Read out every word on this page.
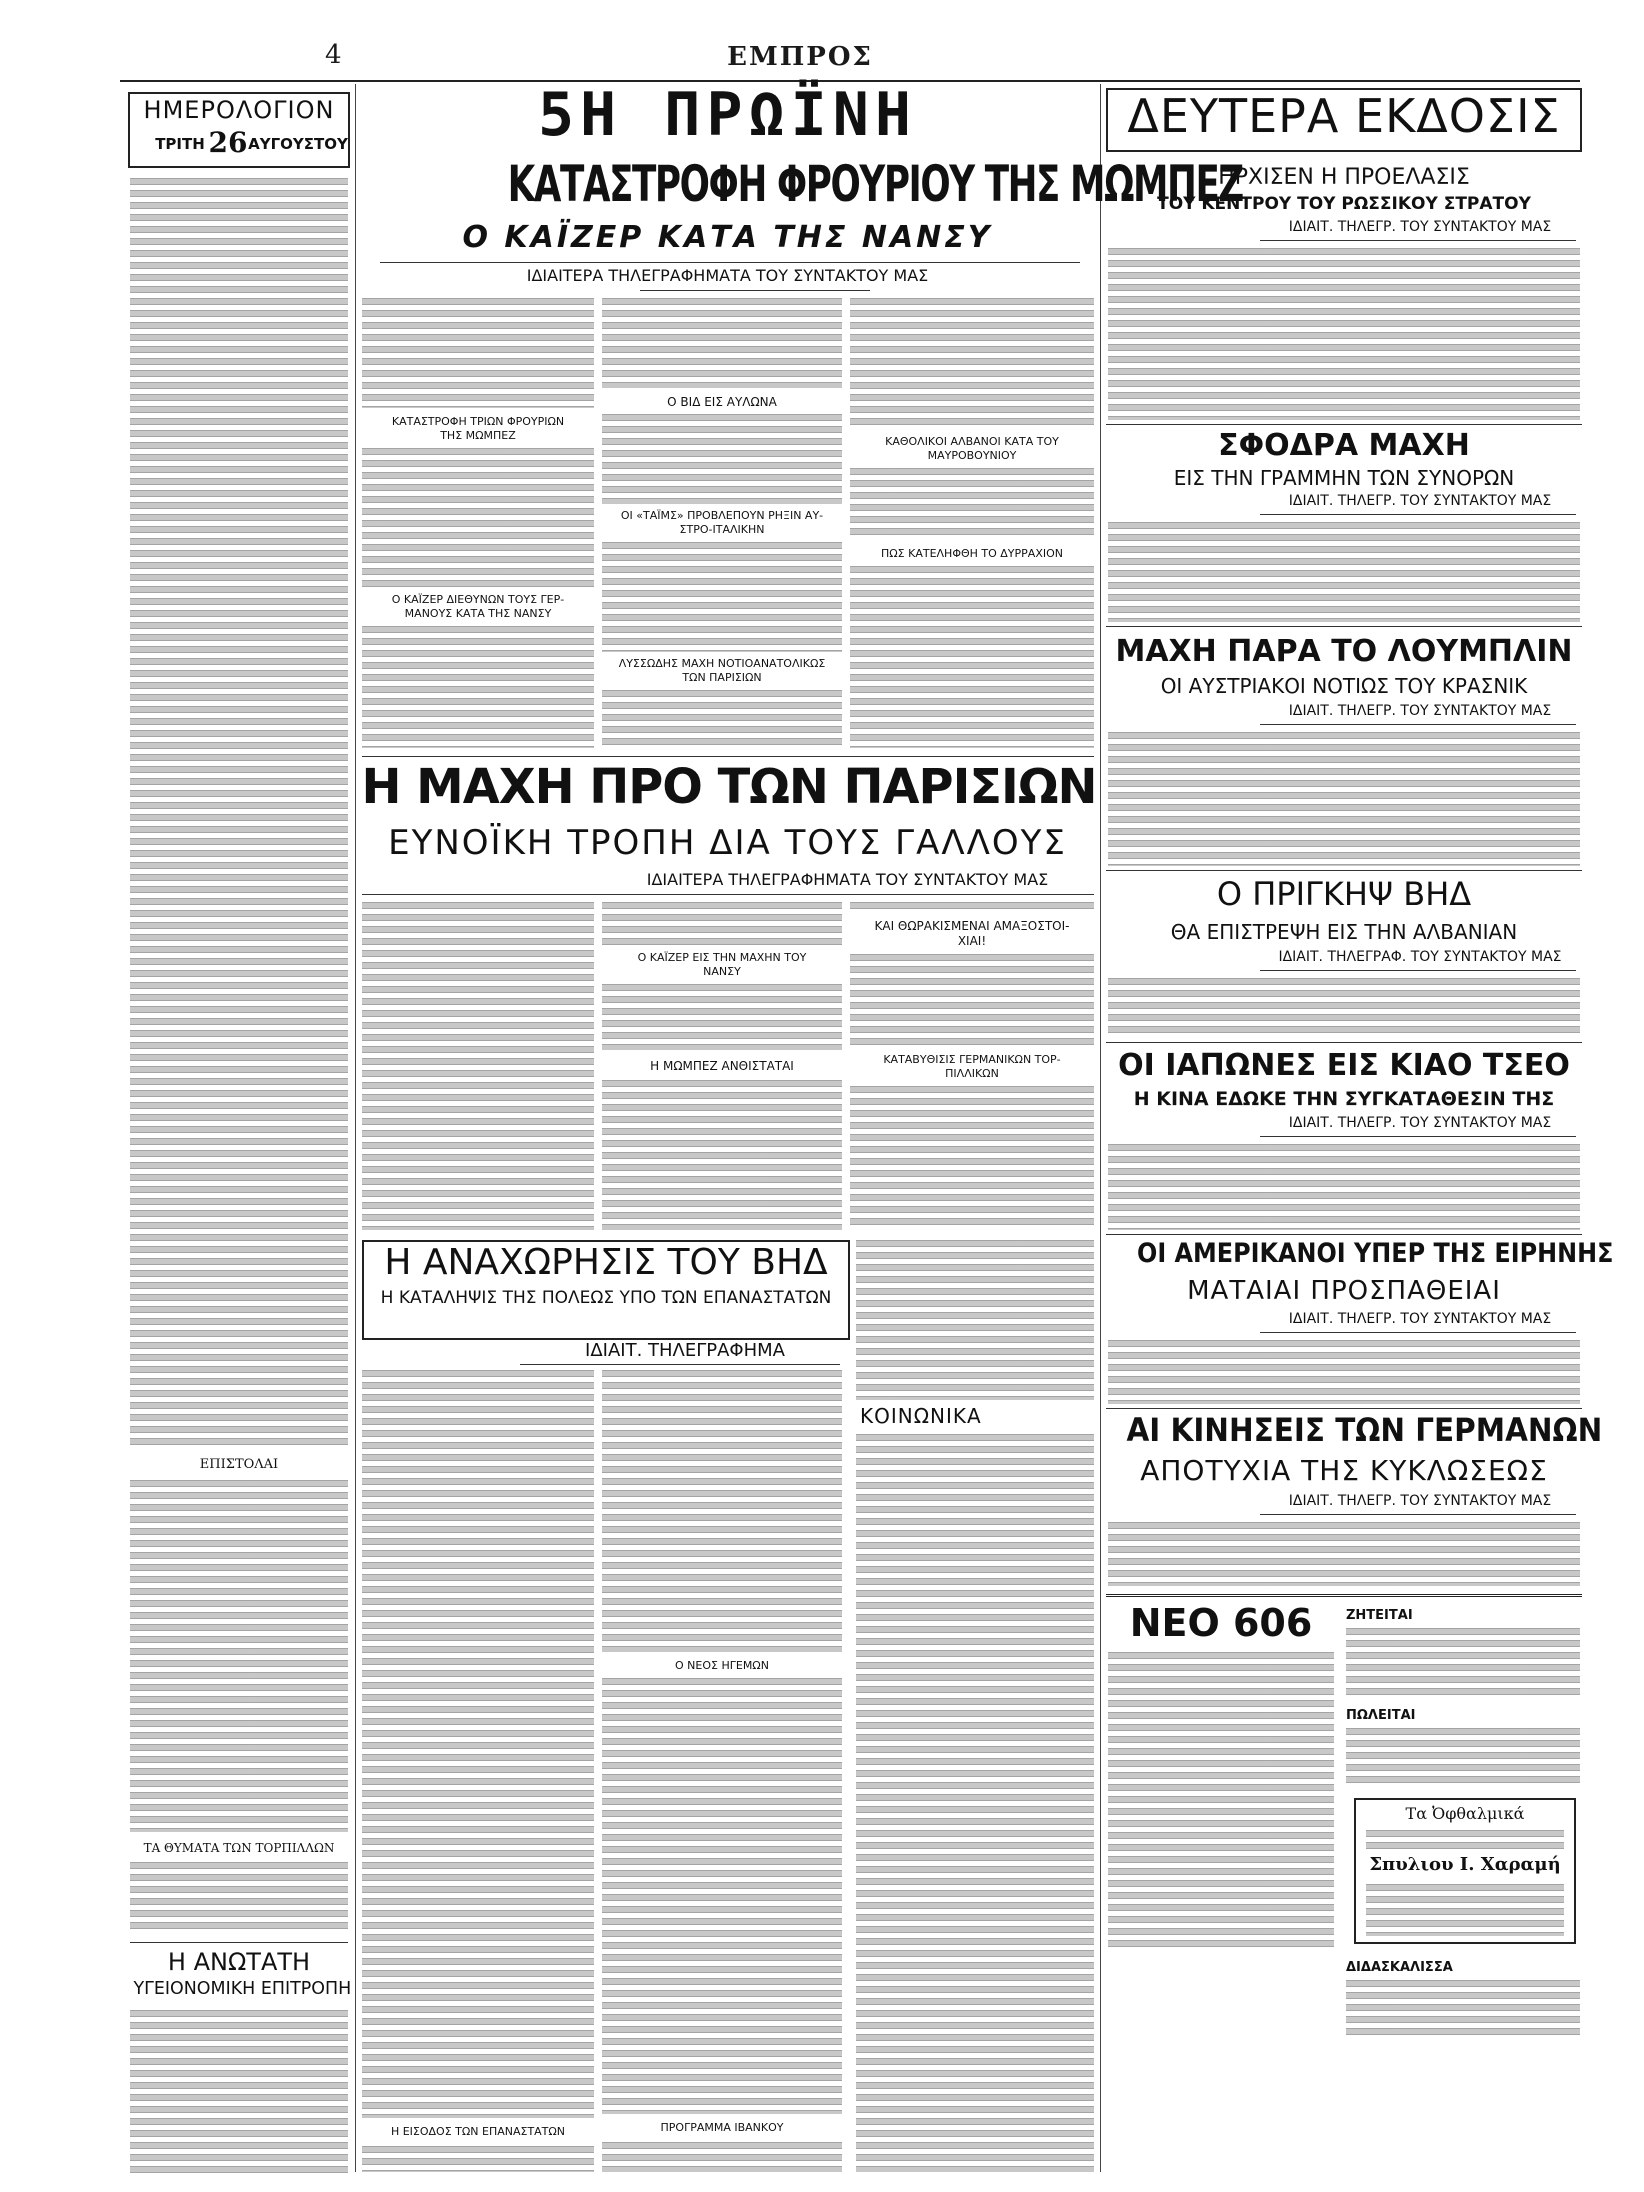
4	ΕΜΠΡΟΣ
ΗΜΕΡΟΛΟΓΙΟΝ
ΤΡΙΤΗ 26 ΑΥΓΟΥΣΤΟΥ
ΕΠΙΣΤΟΛΑΙ
ΤΑ ΘΥΜΑΤΑ ΤΩΝ ΤΟΡΠΙΛΛΩΝ
Η ΑΝΩΤΑΤΗ
ΥΓΕΙΟΝΟΜΙΚΗ ΕΠΙΤΡΟΠΗ
5Η ΠΡΩΪΝΗ
ΚΑΤΑΣΤΡΟΦΗ ΦΡΟΥΡΙΟΥ ΤΗΣ ΜΩΜΠΕΖ
Ο ΚΑΪΖΕΡ ΚΑΤΑ ΤΗΣ ΝΑΝΣΥ
ΙΔΙΑΙΤΕΡΑ ΤΗΛΕΓΡΑΦΗΜΑΤΑ ΤΟΥ ΣΥΝΤΑΚΤΟΥ ΜΑΣ
ΚΑΤΑΣΤΡΟΦΗ ΤΡΙΩΝ ΦΡΟΥΡΙΩΝ
ΤΗΣ ΜΩΜΠΕΖ
Ο ΚΑΪΖΕΡ ΔΙΕΘΥΝΩΝ ΤΟΥΣ ΓΕΡ-
ΜΑΝΟΥΣ ΚΑΤΑ ΤΗΣ ΝΑΝΣΥ
Ο ΒΙΔ ΕΙΣ ΑΥΛΩΝΑ
ΟΙ «ΤΑΪΜΣ» ΠΡΟΒΛΕΠΟΥΝ ΡΗΞΙΝ ΑΥ-
ΣΤΡΟ-ΙΤΑΛΙΚΗΝ
ΛΥΣΣΩΔΗΣ ΜΑΧΗ ΝΟΤΙΟΑΝΑΤΟΛΙΚΩΣ
ΤΩΝ ΠΑΡΙΣΙΩΝ
ΚΑΘΟΛΙΚΟΙ ΑΛΒΑΝΟΙ ΚΑΤΑ ΤΟΥ
ΜΑΥΡΟΒΟΥΝΙΟΥ
ΠΩΣ ΚΑΤΕΛΗΦΘΗ ΤΟ ΔΥΡΡΑΧΙΟΝ
Η ΜΑΧΗ ΠΡΟ ΤΩΝ ΠΑΡΙΣΙΩΝ
ΕΥΝΟΪΚΗ ΤΡΟΠΗ ΔΙΑ ΤΟΥΣ ΓΑΛΛΟΥΣ
ΙΔΙΑΙΤΕΡΑ ΤΗΛΕΓΡΑΦΗΜΑΤΑ ΤΟΥ ΣΥΝΤΑΚΤΟΥ ΜΑΣ
Ο ΚΑΪΖΕΡ ΕΙΣ ΤΗΝ ΜΑΧΗΝ ΤΟΥ
ΝΑΝΣΥ
Η ΜΩΜΠΕΖ ΑΝΘΙΣΤΑΤΑΙ
ΚΑΙ ΘΩΡΑΚΙΣΜΕΝΑΙ ΑΜΑΞΟΣΤΟΙ-
ΧΙΑΙ!
ΚΑΤΑΒΥΘΙΣΙΣ ΓΕΡΜΑΝΙΚΩΝ ΤΟΡ-
ΠΙΛΛΙΚΩΝ
Η ΑΝΑΧΩΡΗΣΙΣ ΤΟΥ ΒΗΔ
Η ΚΑΤΑΛΗΨΙΣ ΤΗΣ ΠΟΛΕΩΣ ΥΠΟ ΤΩΝ ΕΠΑΝΑΣΤΑΤΩΝ
ΙΔΙΑΙΤ. ΤΗΛΕΓΡΑΦΗΜΑ
Η ΕΙΣΟΔΟΣ ΤΩΝ ΕΠΑΝΑΣΤΑΤΩΝ
Ο ΝΕΟΣ ΗΓΕΜΩΝ
ΠΡΟΓΡΑΜΜΑ ΙΒΑΝΚΟΥ
ΚΟΙΝΩΝΙΚΑ
ΔΕΥΤΕΡΑ ΕΚΔΟΣΙΣ
ΗΡΧΙΣΕΝ Η ΠΡΟΕΛΑΣΙΣ
ΤΟΥ ΚΕΝΤΡΟΥ ΤΟΥ ΡΩΣΣΙΚΟΥ ΣΤΡΑΤΟΥ
ΙΔΙΑΙΤ. ΤΗΛΕΓΡ. ΤΟΥ ΣΥΝΤΑΚΤΟΥ ΜΑΣ
ΣΦΟΔΡΑ ΜΑΧΗ
ΕΙΣ ΤΗΝ ΓΡΑΜΜΗΝ ΤΩΝ ΣΥΝΟΡΩΝ
ΙΔΙΑΙΤ. ΤΗΛΕΓΡ. ΤΟΥ ΣΥΝΤΑΚΤΟΥ ΜΑΣ
ΜΑΧΗ ΠΑΡΑ ΤΟ ΛΟΥΜΠΛΙΝ
ΟΙ ΑΥΣΤΡΙΑΚΟΙ ΝΟΤΙΩΣ ΤΟΥ ΚΡΑΣΝΙΚ
ΙΔΙΑΙΤ. ΤΗΛΕΓΡ. ΤΟΥ ΣΥΝΤΑΚΤΟΥ ΜΑΣ
Ο ΠΡΙΓΚΗΨ ΒΗΔ
ΘΑ ΕΠΙΣΤΡΕΨΗ ΕΙΣ ΤΗΝ ΑΛΒΑΝΙΑΝ
ΙΔΙΑΙΤ. ΤΗΛΕΓΡΑΦ. ΤΟΥ ΣΥΝΤΑΚΤΟΥ ΜΑΣ
ΟΙ ΙΑΠΩΝΕΣ ΕΙΣ ΚΙΑΟ ΤΣΕΟ
Η ΚΙΝΑ ΕΔΩΚΕ ΤΗΝ ΣΥΓΚΑΤΑΘΕΣΙΝ ΤΗΣ
ΙΔΙΑΙΤ. ΤΗΛΕΓΡ. ΤΟΥ ΣΥΝΤΑΚΤΟΥ ΜΑΣ
ΟΙ ΑΜΕΡΙΚΑΝΟΙ ΥΠΕΡ ΤΗΣ ΕΙΡΗΝΗΣ
ΜΑΤΑΙΑΙ ΠΡΟΣΠΑΘΕΙΑΙ
ΙΔΙΑΙΤ. ΤΗΛΕΓΡ. ΤΟΥ ΣΥΝΤΑΚΤΟΥ ΜΑΣ
ΑΙ ΚΙΝΗΣΕΙΣ ΤΩΝ ΓΕΡΜΑΝΩΝ
ΑΠΟΤΥΧΙΑ ΤΗΣ ΚΥΚΛΩΣΕΩΣ
ΙΔΙΑΙΤ. ΤΗΛΕΓΡ. ΤΟΥ ΣΥΝΤΑΚΤΟΥ ΜΑΣ
ΝΕΟ 606	ΖΗΤΕΙΤΑΙ
ΠΩΛΕΙΤΑΙ
Τα Ὀφθαλμικά
Σπυλιου Ι. Χαραμή
ΔΙΔΑΣΚΑΛΙΣΣΑ
